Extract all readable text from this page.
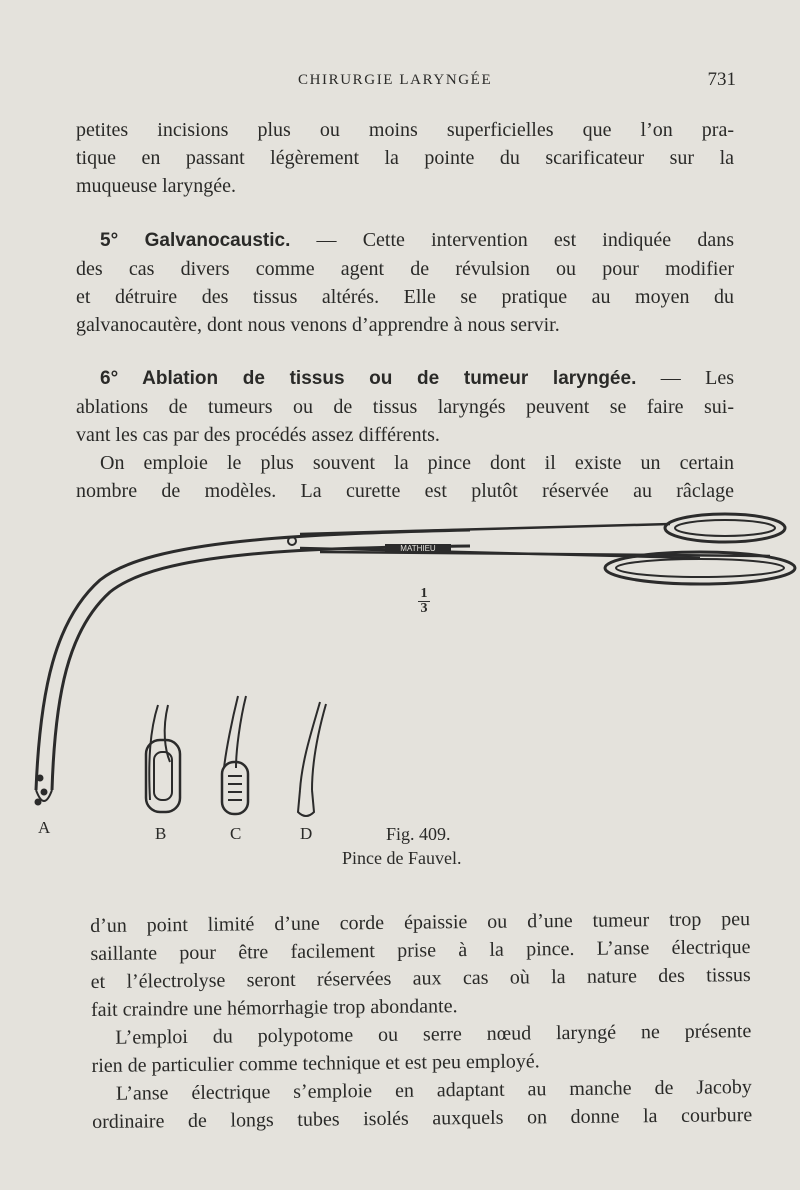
CHIRURGIE LARYNGÉE	731
petites incisions plus ou moins superficielles que l’on pra-
tique en passant légèrement la pointe du scarificateur sur la
muqueuse laryngée.
5° Galvanocaustic. — Cette intervention est indiquée dans
des cas divers comme agent de révulsion ou pour modifier
et détruire des tissus altérés. Elle se pratique au moyen du
galvanocautère, dont nous venons d’apprendre à nous servir.
6° Ablation de tissus ou de tumeur laryngée. — Les
ablations de tumeurs ou de tissus laryngés peuvent se faire sui-
vant les cas par des procédés assez différents.
On emploie le plus souvent la pince dont il existe un certain
nombre de modèles. La curette est plutôt réservée au râclage
MATHIEU
1
3
A	B	C	D	Fig. 409.
Pince de Fauvel.
d’un point limité d’une corde épaissie ou d’une tumeur trop peu
saillante pour être facilement prise à la pince. L’anse électrique
et l’électrolyse seront réservées aux cas où la nature des tissus
fait craindre une hémorrhagie trop abondante.
L’emploi du polypotome ou serre nœud laryngé ne présente
rien de particulier comme technique et est peu employé.
L’anse électrique s’emploie en adaptant au manche de Jacoby
ordinaire de longs tubes isolés auxquels on donne la courbure
